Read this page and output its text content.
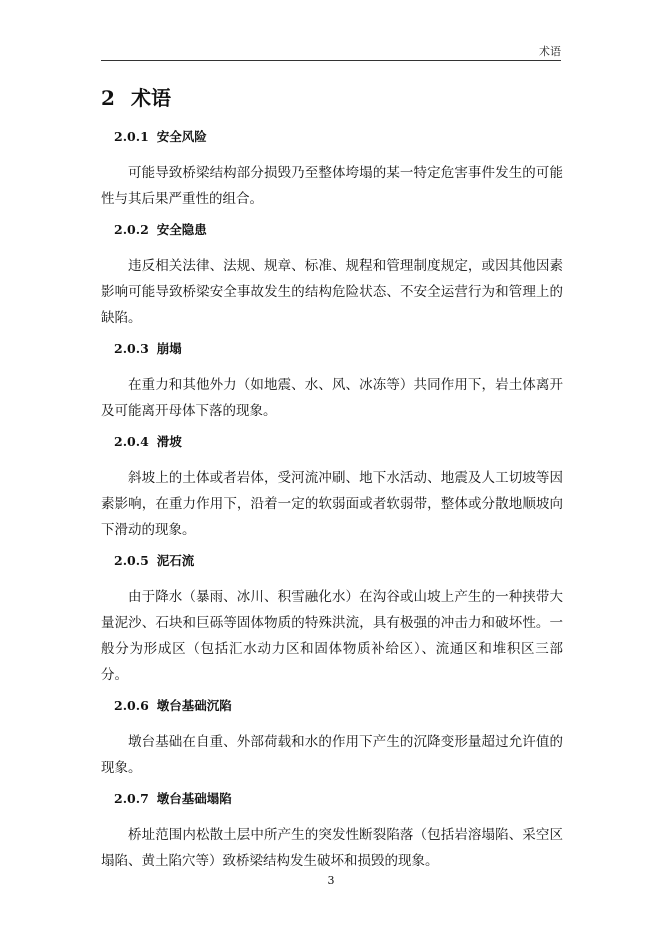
术语
2 术语
2.0.1 安全风险

可能导致桥梁结构部分损毁乃至整体垮塌的某一特定危害事件发生的可能性与其后果严重性的组合。

2.0.2 安全隐患

违反相关法律、法规、规章、标准、规程和管理制度规定，或因其他因素影响可能导致桥梁安全事故发生的结构危险状态、不安全运营行为和管理上的缺陷。

2.0.3 崩塌

在重力和其他外力（如地震、水、风、冰冻等）共同作用下，岩土体离开及可能离开母体下落的现象。

2.0.4 滑坡

斜坡上的土体或者岩体，受河流冲刷、地下水活动、地震及人工切坡等因素影响，在重力作用下，沿着一定的软弱面或者软弱带，整体或分散地顺坡向下滑动的现象。

2.0.5 泥石流

由于降水（暴雨、冰川、积雪融化水）在沟谷或山坡上产生的一种挟带大量泥沙、石块和巨砾等固体物质的特殊洪流，具有极强的冲击力和破坏性。一般分为形成区（包括汇水动力区和固体物质补给区）、流通区和堆积区三部分。

2.0.6 墩台基础沉陷

墩台基础在自重、外部荷载和水的作用下产生的沉降变形量超过允许值的现象。

2.0.7 墩台基础塌陷

桥址范围内松散土层中所产生的突发性断裂陷落（包括岩溶塌陷、采空区塌陷、黄土陷穴等）致桥梁结构发生破坏和损毁的现象。

3
